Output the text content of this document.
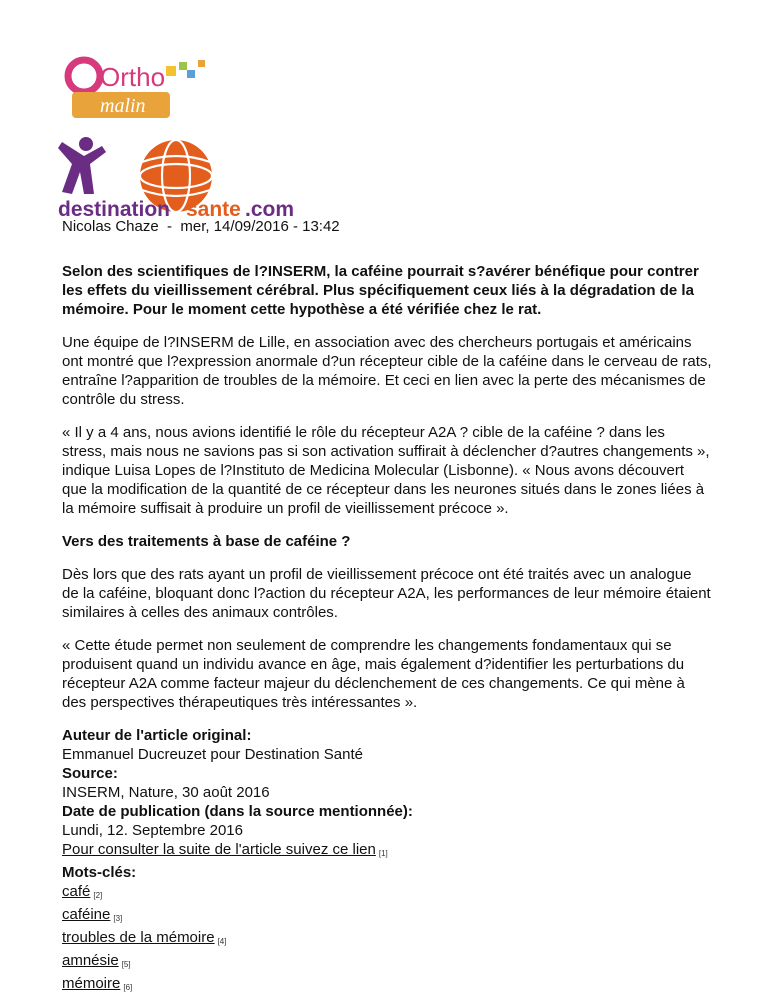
Ortho
malin
destination sante .com
Nicolas Chaze  -  mer, 14/09/2016 - 13:42

Selon des scientifiques de l?INSERM, la caféine pourrait s?avérer bénéfique pour contrer les effets du vieillissement cérébral. Plus spécifiquement ceux liés à la dégradation de la mémoire. Pour le moment cette hypothèse a été vérifiée chez le rat.

Une équipe de l?INSERM de Lille, en association avec des chercheurs portugais et américains ont montré que l?expression anormale d?un récepteur cible de la caféine dans le cerveau de rats, entraîne l?apparition de troubles de la mémoire. Et ceci en lien avec la perte des mécanismes de contrôle du stress.

« Il y a 4 ans, nous avions identifié le rôle du récepteur A2A ? cible de la caféine ? dans les stress, mais nous ne savions pas si son activation suffirait à déclencher d?autres changements », indique Luisa Lopes de l?Instituto de Medicina Molecular (Lisbonne). « Nous avons découvert que la modification de la quantité de ce récepteur dans les neurones situés dans le zones liées à la mémoire suffisait à produire un profil de vieillissement précoce ».

Vers des traitements à base de caféine ?

Dès lors que des rats ayant un profil de vieillissement précoce ont été traités avec un analogue de la caféine, bloquant donc l?action du récepteur A2A, les performances de leur mémoire étaient similaires à celles des animaux contrôles.

« Cette étude permet non seulement de comprendre les changements fondamentaux qui se produisent quand un individu avance en âge, mais également d?identifier les perturbations du récepteur A2A comme facteur majeur du déclenchement de ces changements. Ce qui mène à des perspectives thérapeutiques très intéressantes ».

Auteur de l'article original:
Emmanuel Ducreuzet pour Destination Santé
Source:
INSERM, Nature, 30 août 2016
Date de publication (dans la source mentionnée):
Lundi, 12. Septembre 2016
Pour consulter la suite de l'article suivez ce lien [1]
Mots-clés:
café [2]
caféine [3]
troubles de la mémoire [4]
amnésie [5]
mémoire [6]
